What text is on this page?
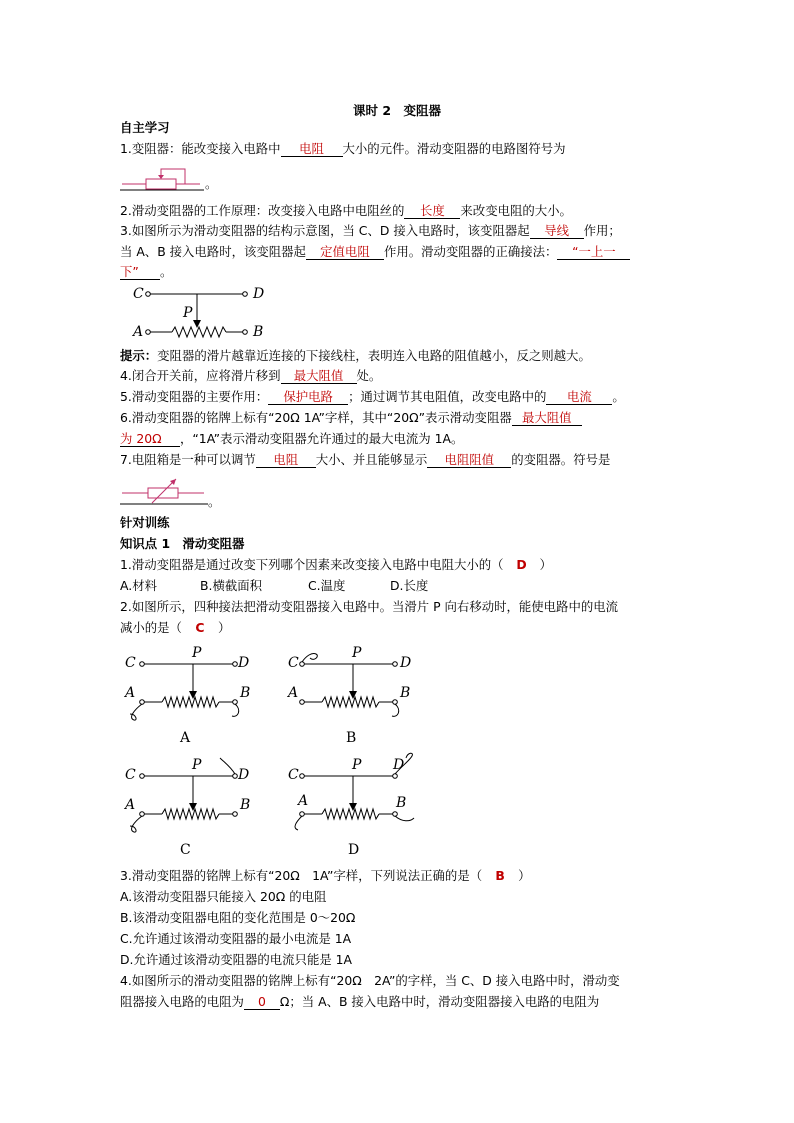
课时 2　变阻器
自主学习
1.变阻器：能改变接入电路中 电阻 大小的元件。滑动变阻器的电路图符号为
。
2.滑动变阻器的工作原理：改变接入电路中电阻丝的 长度 来改变电阻的大小。
3.如图所示为滑动变阻器的结构示意图，当 C、D 接入电路时，该变阻器起 导线 作用；
当 A、B 接入电路时，该变阻器起 定值电阻 作用。滑动变阻器的正确接法： “一上一
下” 。
C	D
P
A	B
提示：变阻器的滑片越靠近连接的下接线柱，表明连入电路的阻值越小，反之则越大。
4.闭合开关前，应将滑片移到 最大阻值 处。
5.滑动变阻器的主要作用： 保护电路 ；通过调节其电阻值，改变电路中的 电流 。
6.滑动变阻器的铭牌上标有“20Ω 1A”字样，其中“20Ω”表示滑动变阻器 最大阻值
为 20Ω ，“1A”表示滑动变阻器允许通过的最大电流为 1A。
7.电阻箱是一种可以调节 电阻 大小、并且能够显示 电阻阻值 的变阻器。符号是
。
针对训练
知识点 1　滑动变阻器
1.滑动变阻器是通过改变下列哪个因素来改变接入电路中电阻大小的（ D ）
A.材料	B.横截面积	C.温度	D.长度
2.如图所示，四种接法把滑动变阻器接入电路中。当滑片 P 向右移动时，能使电路中的电流
减小的是（ C ）
C
P
D
A	B
C
P
D
A	B
A	B
C
P
D
A	B
C
P D
A	B
C	D
3.滑动变阻器的铭牌上标有“20Ω　1A”字样，下列说法正确的是（ B ）
A.该滑动变阻器只能接入 20Ω 的电阻
B.该滑动变阻器电阻的变化范围是 0～20Ω
C.允许通过该滑动变阻器的最小电流是 1A
D.允许通过该滑动变阻器的电流只能是 1A
4.如图所示的滑动变阻器的铭牌上标有“20Ω　2A”的字样，当 C、D 接入电路中时，滑动变
阻器接入电路的电阻为 0 Ω；当 A、B 接入电路中时，滑动变阻器接入电路的电阻为
